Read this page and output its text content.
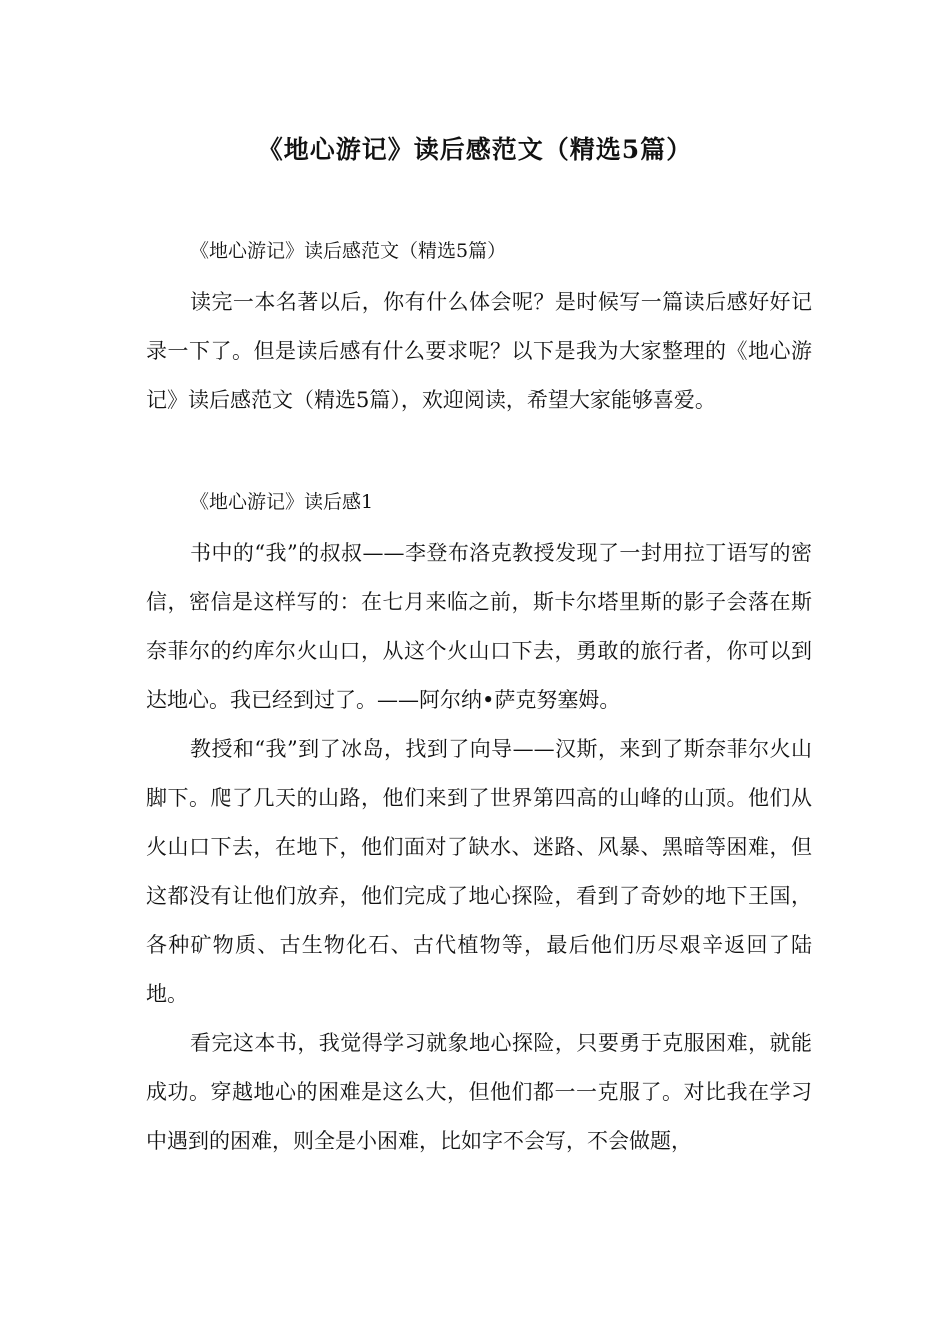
《地心游记》读后感范文（精选5篇）

《地心游记》读后感范文（精选5篇）

读完一本名著以后，你有什么体会呢？是时候写一篇读后感好好记录一下了。但是读后感有什么要求呢？以下是我为大家整理的《地心游记》读后感范文（精选5篇），欢迎阅读，希望大家能够喜爱。

《地心游记》读后感1

书中的“我”的叔叔——李登布洛克教授发现了一封用拉丁语写的密信，密信是这样写的：在七月来临之前，斯卡尔塔里斯的影子会落在斯奈菲尔的约库尔火山口，从这个火山口下去，勇敢的旅行者，你可以到达地心。我已经到过了。——阿尔纳•萨克努塞姆。

教授和“我”到了冰岛，找到了向导——汉斯，来到了斯奈菲尔火山脚下。爬了几天的山路，他们来到了世界第四高的山峰的山顶。他们从火山口下去，在地下，他们面对了缺水、迷路、风暴、黑暗等困难，但这都没有让他们放弃，他们完成了地心探险，看到了奇妙的地下王国，各种矿物质、古生物化石、古代植物等，最后他们历尽艰辛返回了陆地。

看完这本书，我觉得学习就象地心探险，只要勇于克服困难，就能成功。穿越地心的困难是这么大，但他们都一一克服了。对比我在学习中遇到的困难，则全是小困难，比如字不会写，不会做题，
